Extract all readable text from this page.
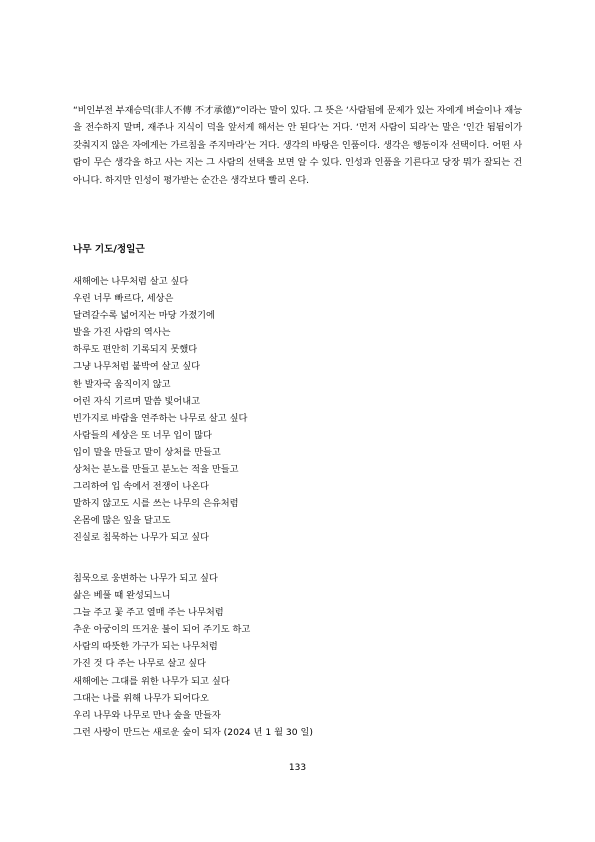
“비인부전 부재승덕(非人不傳 不才承德)”이라는 말이 있다. 그 뜻은 ‘사람됨에 문제가 있는 자에게 벼슬이나 재능을 전수하지 말며, 재주나 지식이 덕을 앞서게 해서는 안 된다’는 거다. ‘먼저 사람이 되라’는 말은 ‘인간 됨됨이가 갖춰지지 않은 자에게는 가르침을 주지마라’는 거다. 생각의 바탕은 인품이다. 생각은 행동이자 선택이다. 어떤 사람이 무슨 생각을 하고 사는 지는 그 사람의 선택을 보면 알 수 있다. 인성과 인품을 기른다고 당장 뭐가 잘되는 건 아니다. 하지만 인성이 평가받는 순간은 생각보다 빨리 온다.

나무 기도/정일근
새해에는 나무처럼 살고 싶다
우린 너무 빠르다, 세상은
달려갈수록 넓어지는 마당 가졌기에
발을 가진 사람의 역사는
하루도 편안히 기록되지 못했다
그냥 나무처럼 붙박여 살고 싶다
한 발자국 움직이지 않고
어린 자식 기르며 말씀 빛어내고
빈가지로 바람을 연주하는 나무로 살고 싶다
사람들의 세상은 또 너무 입이 많다
입이 말을 만들고 말이 상처를 만들고
상처는 분노를 만들고 분노는 적을 만들고
그리하여 입 속에서 전쟁이 나온다
말하지 않고도 시를 쓰는 나무의 은유처럼
온몸에 많은 잎을 달고도
진실로 침묵하는 나무가 되고 싶다
침묵으로 웅변하는 나무가 되고 싶다
삶은 베풀 때 완성되느니
그늘 주고 꽃 주고 열매 주는 나무처럼
추운 아궁이의 뜨거운 불이 되어 주기도 하고
사람의 따뜻한 가구가 되는 나무처럼
가진 것 다 주는 나무로 살고 싶다
새해에는 그대를 위한 나무가 되고 싶다
그대는 나를 위해 나무가 되어다오
우리 나무와 나무로 만나 숲을 만들자
그런 사랑이 만드는 새로운 숲이 되자 (2024 년 1 월 30 일)
133
